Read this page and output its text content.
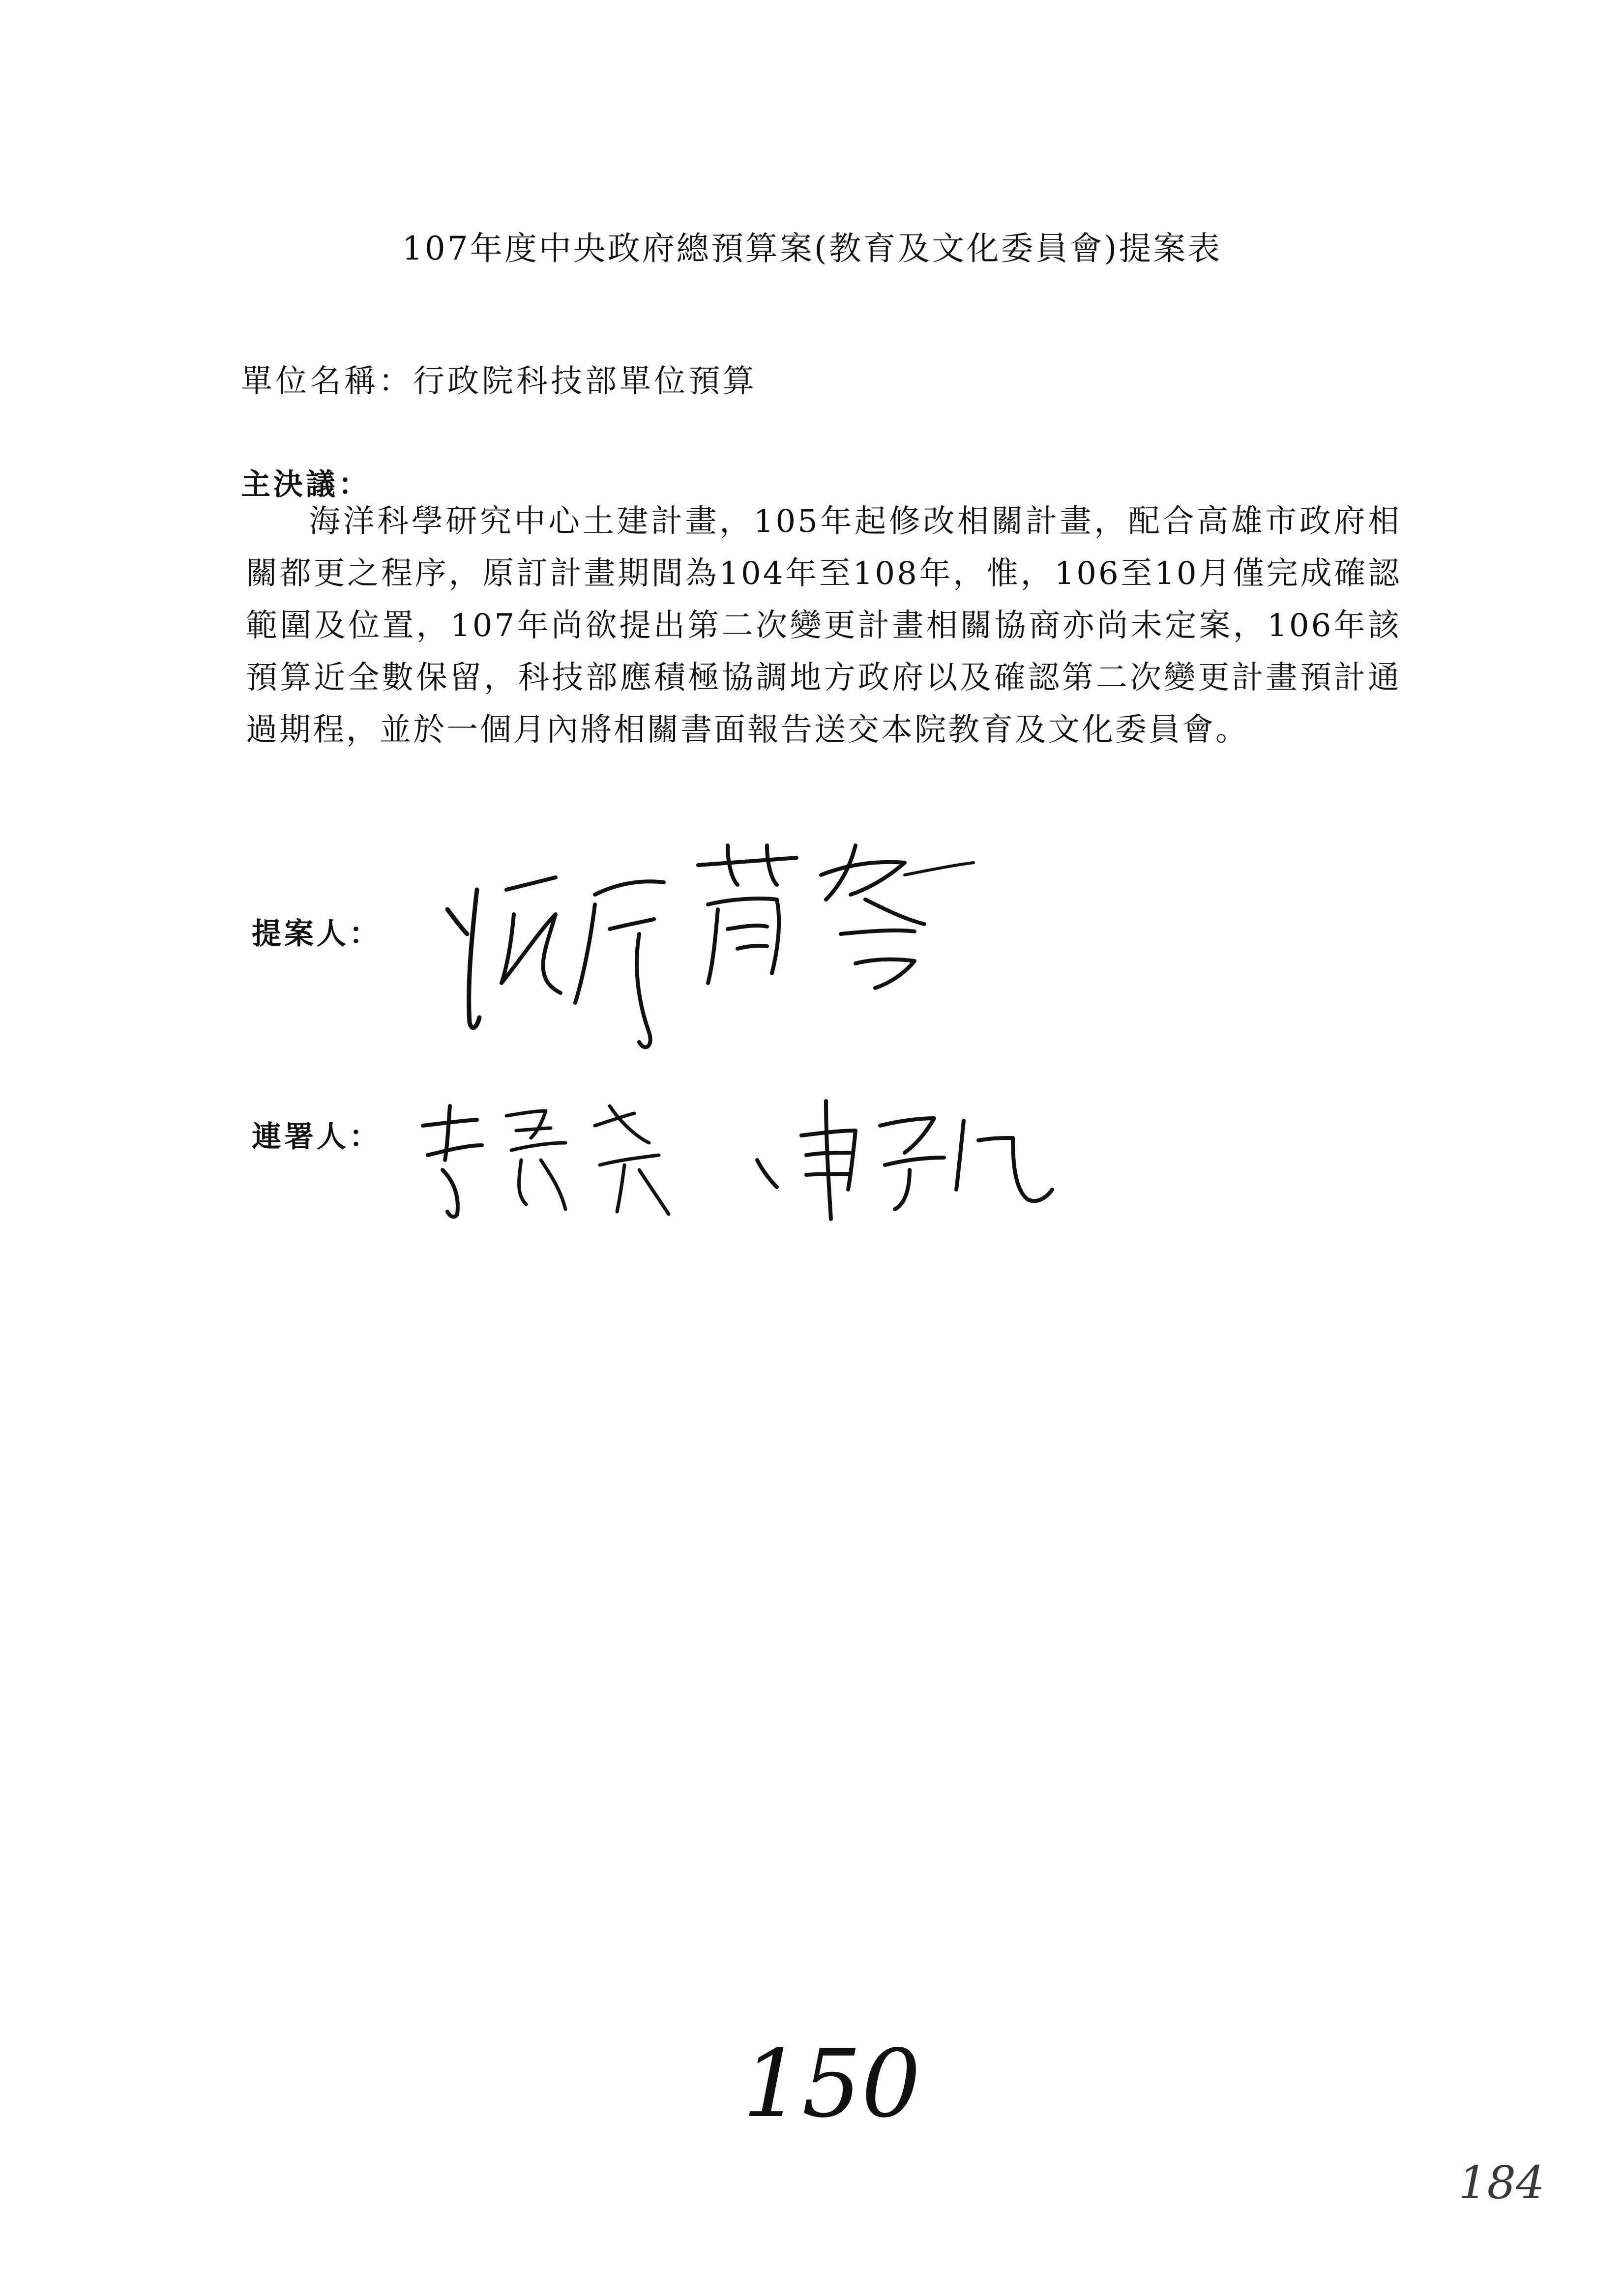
107年度中央政府總預算案(教育及文化委員會)提案表
單位名稱：行政院科技部單位預算
主決議：

海洋科學研究中心土建計畫，105年起修改相關計畫，配合高雄市政府相關都更之程序，原訂計畫期間為104年至108年，惟，106至10月僅完成確認範圍及位置，107年尚欲提出第二次變更計畫相關協商亦尚未定案，106年該預算近全數保留，科技部應積極協調地方政府以及確認第二次變更計畫預計通過期程，並於一個月內將相關書面報告送交本院教育及文化委員會。

提案人：
連署人：
150
184
